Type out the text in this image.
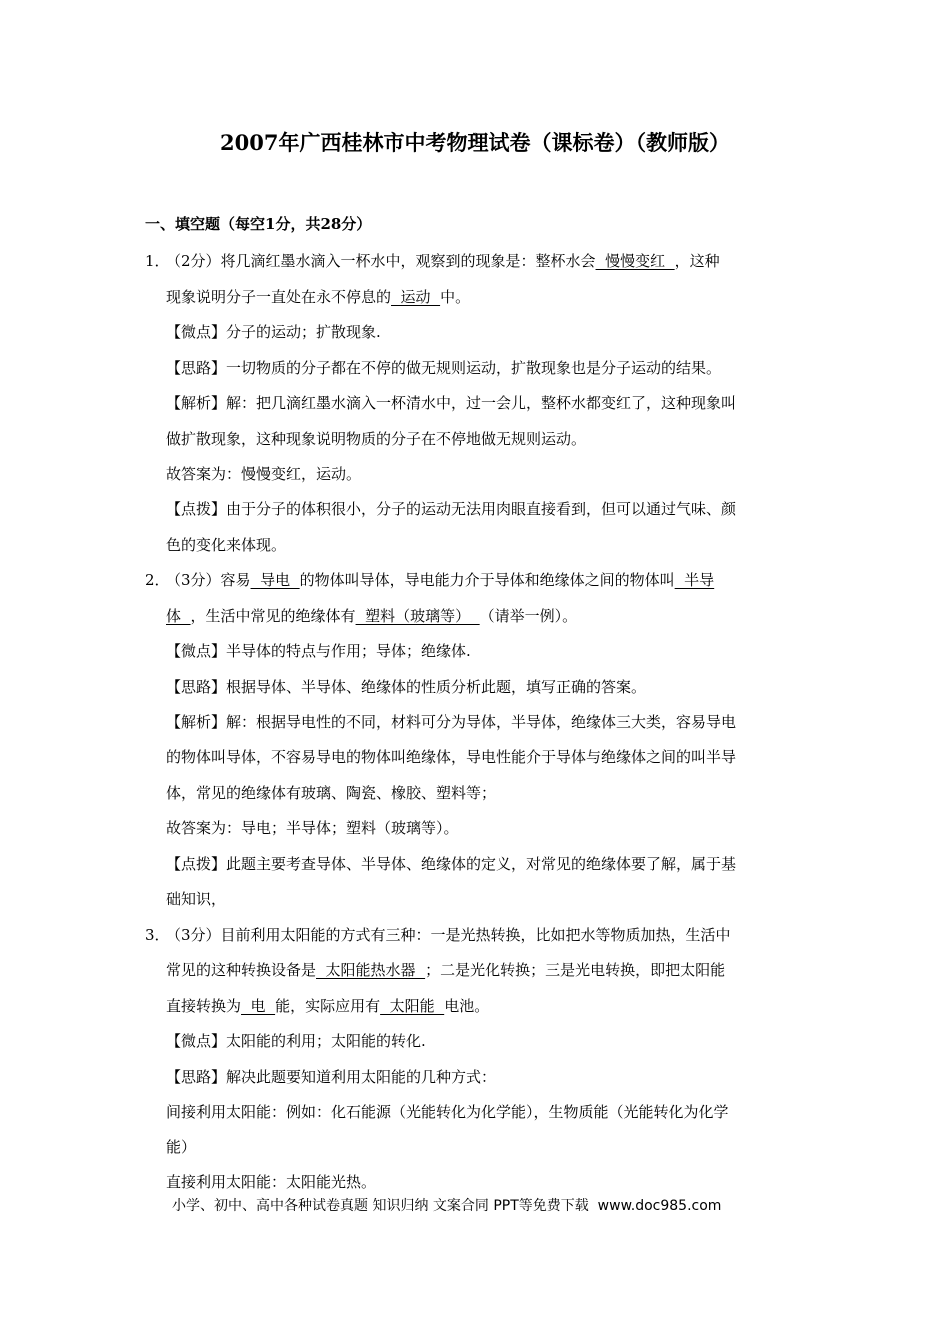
2007年广西桂林市中考物理试卷（课标卷）（教师版）
一、填空题（每空1分，共28分）
1．
（2分）将几滴红墨水滴入一杯水中，观察到的现象是：整杯水会  慢慢变红  ，这种
现象说明分子一直处在永不停息的  运动  中。
【微点】分子的运动；扩散现象.
【思路】一切物质的分子都在不停的做无规则运动，扩散现象也是分子运动的结果。
【解析】解：把几滴红墨水滴入一杯清水中，过一会儿，整杯水都变红了，这种现象叫
做扩散现象，这种现象说明物质的分子在不停地做无规则运动。
故答案为：慢慢变红，运动。
【点拨】由于分子的体积很小，分子的运动无法用肉眼直接看到，但可以通过气味、颜
色的变化来体现。
2．
（3分）容易  导电  的物体叫导体，导电能力介于导体和绝缘体之间的物体叫  半导
体  ，生活中常见的绝缘体有  塑料（玻璃等）  （请举一例）。
【微点】半导体的特点与作用；导体；绝缘体.
【思路】根据导体、半导体、绝缘体的性质分析此题，填写正确的答案。
【解析】解：根据导电性的不同，材料可分为导体，半导体，绝缘体三大类，容易导电
的物体叫导体，不容易导电的物体叫绝缘体，导电性能介于导体与绝缘体之间的叫半导
体，常见的绝缘体有玻璃、陶瓷、橡胶、塑料等；
故答案为：导电；半导体；塑料（玻璃等）。
【点拨】此题主要考查导体、半导体、绝缘体的定义，对常见的绝缘体要了解，属于基
础知识，
3．
（3分）目前利用太阳能的方式有三种：一是光热转换，比如把水等物质加热，生活中
常见的这种转换设备是  太阳能热水器  ；二是光化转换；三是光电转换，即把太阳能
直接转换为  电  能，实际应用有  太阳能  电池。
【微点】太阳能的利用；太阳能的转化.
【思路】解决此题要知道利用太阳能的几种方式：
间接利用太阳能：例如：化石能源（光能转化为化学能），生物质能（光能转化为化学
能）
直接利用太阳能：太阳能光热。
小学、初中、高中各种试卷真题 知识归纳 文案合同 PPT等免费下载  www.doc985.com
